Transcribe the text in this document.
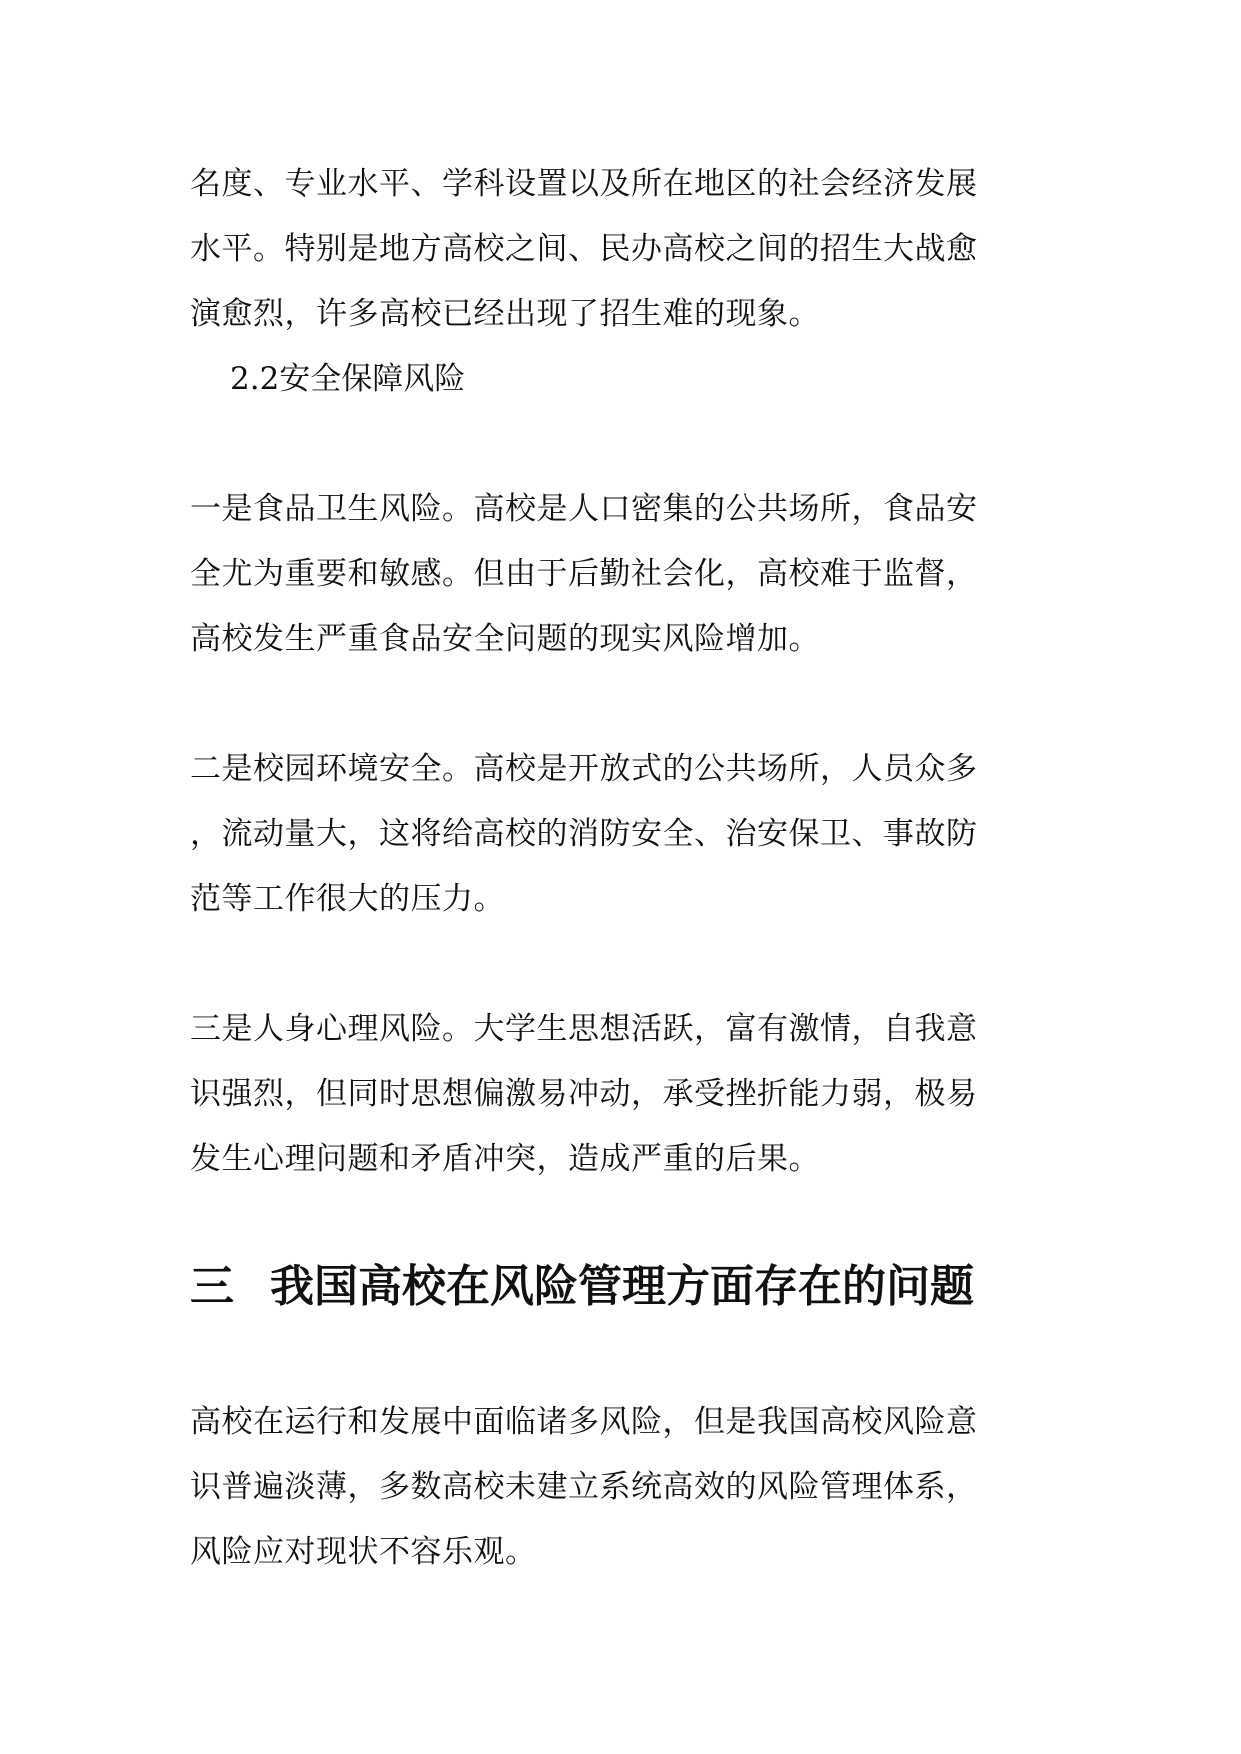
名度、专业水平、学科设置以及所在地区的社会经济发展
水平。特别是地方高校之间、民办高校之间的招生大战愈
演愈烈，许多高校已经出现了招生难的现象。

2.2安全保障风险

一是食品卫生风险。高校是人口密集的公共场所，食品安
全尤为重要和敏感。但由于后勤社会化，高校难于监督，
高校发生严重食品安全问题的现实风险增加。

二是校园环境安全。高校是开放式的公共场所，人员众多
，流动量大，这将给高校的消防安全、治安保卫、事故防
范等工作很大的压力。

三是人身心理风险。大学生思想活跃，富有激情，自我意
识强烈，但同时思想偏激易冲动，承受挫折能力弱，极易
发生心理问题和矛盾冲突，造成严重的后果。

三 我国高校在风险管理方面存在的问题

高校在运行和发展中面临诸多风险，但是我国高校风险意
识普遍淡薄，多数高校未建立系统高效的风险管理体系，
风险应对现状不容乐观。
